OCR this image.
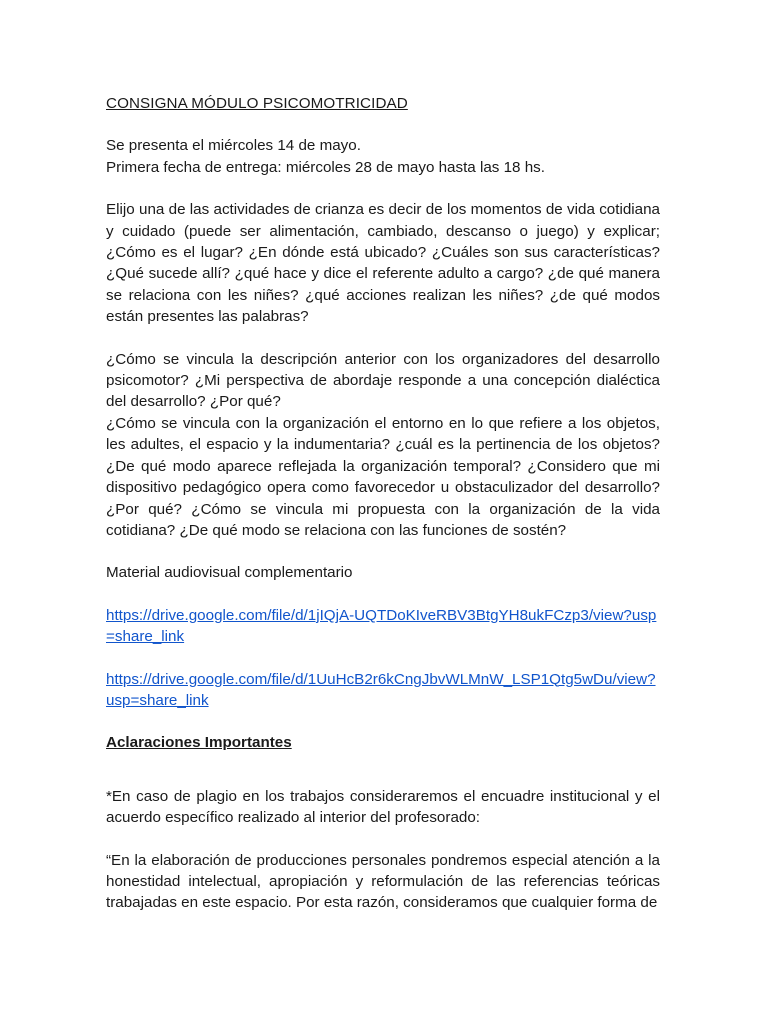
CONSIGNA MÓDULO PSICOMOTRICIDAD
Se presenta el miércoles 14 de mayo.
Primera fecha de entrega: miércoles 28 de mayo hasta las 18 hs.
Elijo una de las actividades de crianza es decir de los momentos de vida cotidiana y cuidado (puede ser alimentación, cambiado, descanso o juego) y explicar; ¿Cómo es el lugar? ¿En dónde está ubicado? ¿Cuáles son sus características? ¿Qué sucede allí? ¿qué hace y dice el referente adulto a cargo? ¿de qué manera se relaciona con les niñes? ¿qué acciones realizan les niñes? ¿de qué modos están presentes las palabras?
¿Cómo se vincula la descripción anterior con los organizadores del desarrollo psicomotor? ¿Mi perspectiva de abordaje responde a una concepción dialéctica del desarrollo? ¿Por qué?
¿Cómo se vincula con la organización el entorno en lo que refiere a los objetos, les adultes, el espacio y la indumentaria? ¿cuál es la pertinencia de los objetos? ¿De qué modo aparece reflejada la organización temporal? ¿Considero que mi dispositivo pedagógico opera como favorecedor u obstaculizador del desarrollo? ¿Por qué? ¿Cómo se vincula mi propuesta con la organización de la vida cotidiana? ¿De qué modo se relaciona con las funciones de sostén?
Material audiovisual complementario
https://drive.google.com/file/d/1jIQjA-UQTDoKIveRBV3BtgYH8ukFCzp3/view?usp=share_link
https://drive.google.com/file/d/1UuHcB2r6kCngJbvWLMnW_LSP1Qtg5wDu/view?usp=share_link
Aclaraciones Importantes
*En caso de plagio en los trabajos consideraremos el encuadre institucional y el acuerdo específico realizado al interior del profesorado:
“En la elaboración de producciones personales pondremos especial atención a la honestidad intelectual, apropiación y reformulación de las referencias teóricas trabajadas en este espacio. Por esta razón, consideramos que cualquier forma de
